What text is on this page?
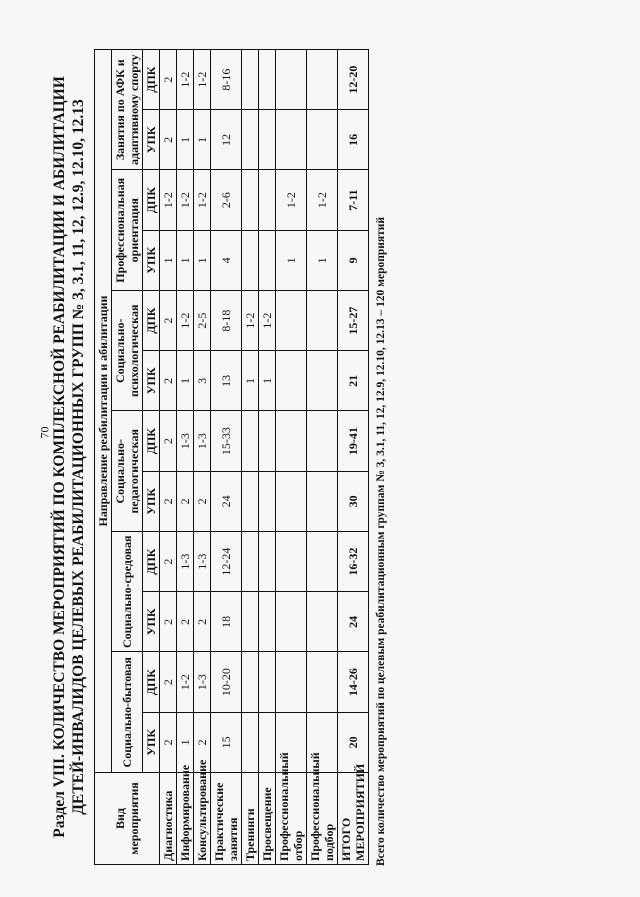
70 Раздел VIII. КОЛИЧЕСТВО МЕРОПРИЯТИЙ ПО КОМПЛЕКСНОЙ РЕАБИЛИТАЦИИ И АБИЛИТАЦИИ ДЕТЕЙ-ИНВАЛИДОВ ЦЕЛЕВЫХ РЕАБИЛИТАЦИОННЫХ ГРУПП № 3, 3.1, 11, 12, 12.9, 12.10, 12.13
Вид мероприятия	Направление реабилитации и абилитации											
	Социально-бытовая		Социально-средовая		Социально-педагогическая		Социально-психологическая		Профессиональная ориентация		Занятия по АФК и адаптивному спорту	
	УПК	ДПК	УПК	ДПК	УПК	ДПК	УПК	ДПК	УПК	ДПК	УПК	ДПК
Диагностика	2	2	2	2	2	2	2	2	1	1-2	2	2
Информирование	1	1-2	2	1-3	2	1-3	1	1-2	1	1-2	1	1-2
Консультирование	2	1-3	2	1-3	2	1-3	3	2-5	1	1-2	1	1-2
Практические занятия	15	10-20	18	12-24	24	15-33	13	8-18	4	2-6	12	8-16
Тренинги							1	1-2				
Просвещение							1	1-2				
Профессиональный отбор									1	1-2		
Профессиональный подбор									1	1-2		
ИТОГО МЕРОПРИЯТИЙ	20	14-26	24	16-32	30	19-41	21	15-27	9	7-11	16	12-20
Всего количество мероприятий по целевым реабилитационным группам № 3, 3.1, 11, 12, 12.9, 12.10, 12.13 – 120 мероприятий
